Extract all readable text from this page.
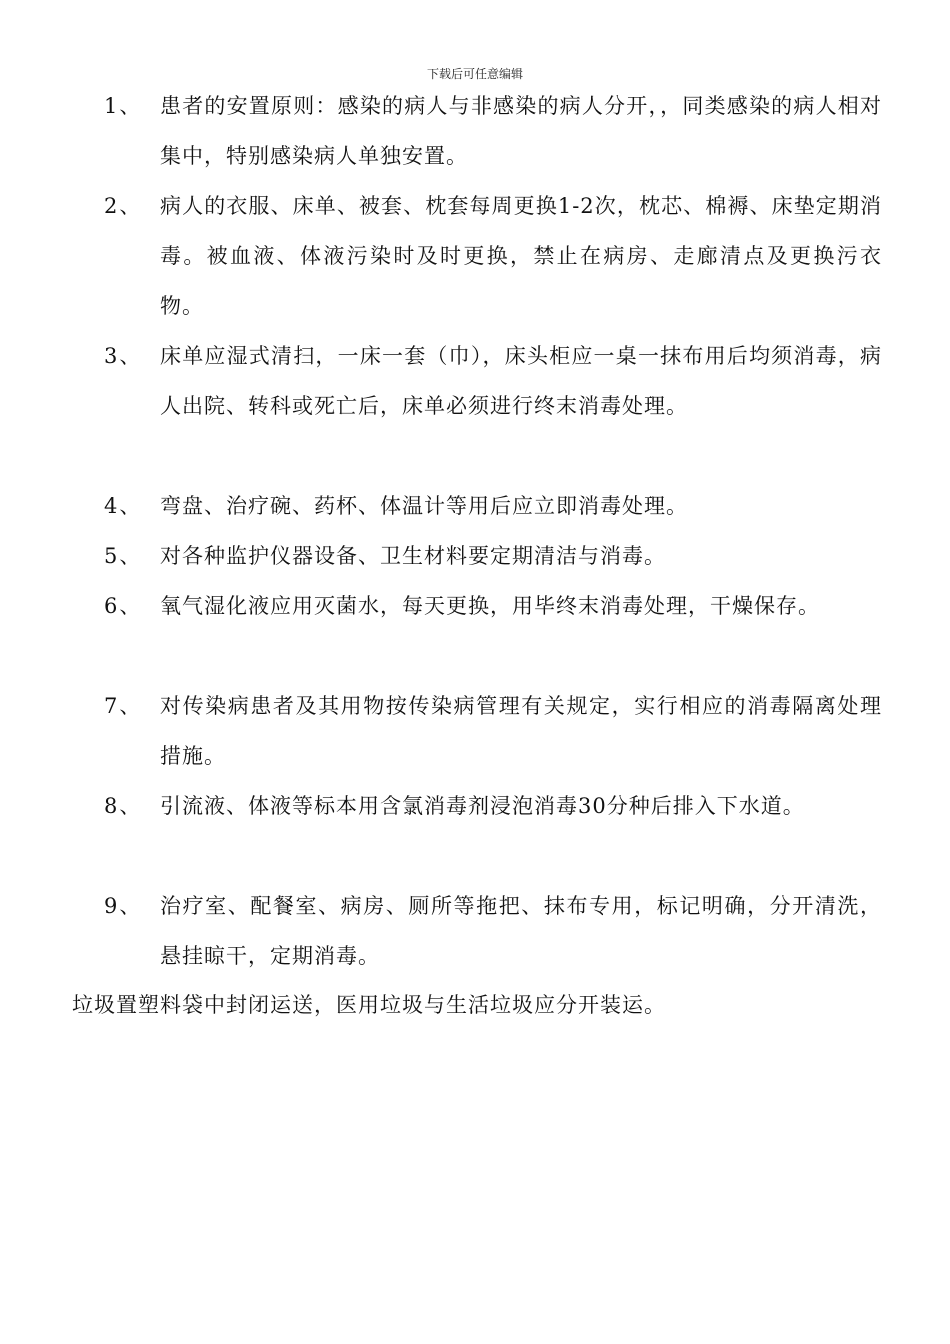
下载后可任意编辑
1、 患者的安置原则：感染的病人与非感染的病人分开，，同类感染的病人相对集中，特别感染病人单独安置。
2、 病人的衣服、床单、被套、枕套每周更换1-2次，枕芯、棉褥、床垫定期消毒。被血液、体液污染时及时更换，禁止在病房、走廊清点及更换污衣物。
3、 床单应湿式清扫，一床一套（巾），床头柜应一桌一抹布用后均须消毒，病人出院、转科或死亡后，床单必须进行终末消毒处理。
4、 弯盘、治疗碗、药杯、体温计等用后应立即消毒处理。
5、 对各种监护仪器设备、卫生材料要定期清洁与消毒。
6、 氧气湿化液应用灭菌水，每天更换，用毕终末消毒处理，干燥保存。
7、 对传染病患者及其用物按传染病管理有关规定，实行相应的消毒隔离处理措施。
8、 引流液、体液等标本用含氯消毒剂浸泡消毒30分种后排入下水道。
9、 治疗室、配餐室、病房、厕所等拖把、抹布专用，标记明确，分开清洗，悬挂晾干，定期消毒。
垃圾置塑料袋中封闭运送，医用垃圾与生活垃圾应分开装运。
